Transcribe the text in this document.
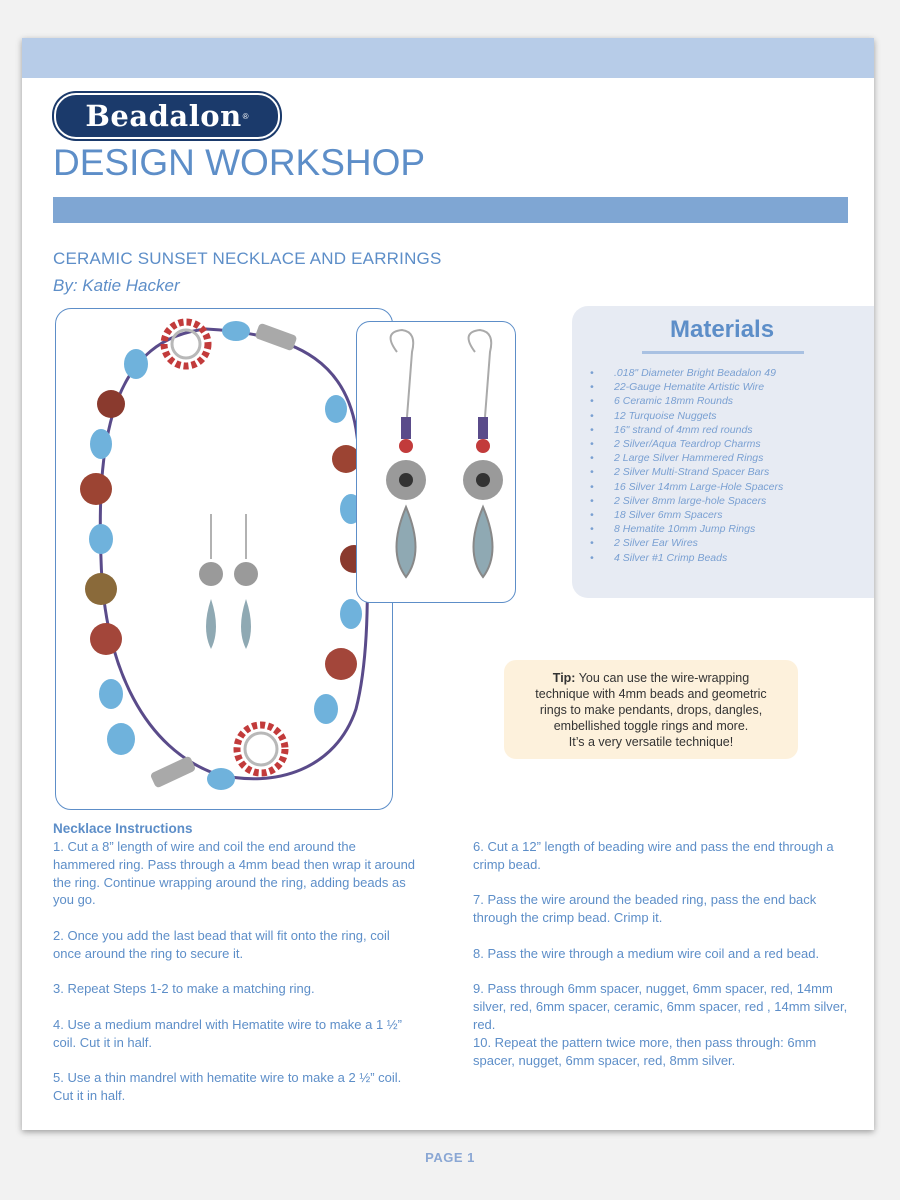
Beadalon ®
DESIGN WORKSHOP
CERAMIC SUNSET NECKLACE AND EARRINGS
By: Katie Hacker
Materials
• .018" Diameter Bright Beadalon 49
• 22-Gauge Hematite Artistic Wire
• 6 Ceramic 18mm Rounds
• 12 Turquoise Nuggets
• 16" strand of 4mm red rounds
• 2 Silver/Aqua Teardrop Charms
• 2 Large Silver Hammered Rings
• 2 Silver Multi-Strand Spacer Bars
• 16 Silver 14mm Large-Hole Spacers
• 2 Silver 8mm large-hole Spacers
• 18 Silver 6mm Spacers
• 8 Hematite 10mm Jump Rings
• 2 Silver Ear Wires
• 4 Silver #1 Crimp Beads
Tip: You can use the wire-wrapping technique with 4mm beads and geometric rings to make pendants, drops, dangles, embellished toggle rings and more.
It’s a very versatile technique!
Necklace Instructions

1. Cut a 8” length of wire and coil the end around the hammered ring. Pass through a 4mm bead then wrap it around the ring. Continue wrapping around the ring, adding beads as you go.

2. Once you add the last bead that will fit onto the ring, coil once around the ring to secure it.

3. Repeat Steps 1-2 to make a matching ring.

4. Use a medium mandrel with Hematite wire to make a 1 ½” coil. Cut it in half.

5. Use a thin mandrel with hematite wire to make a 2 ½” coil. Cut it in half.

6. Cut a 12” length of beading wire and pass the end through a crimp bead.

7. Pass the wire around the beaded ring, pass the end back through the crimp bead. Crimp it.

8. Pass the wire through a medium wire coil and a red bead.

9. Pass through 6mm spacer, nugget, 6mm spacer, red, 14mm silver, red, 6mm spacer, ceramic, 6mm spacer, red , 14mm silver, red.

10. Repeat the pattern twice more, then pass through: 6mm spacer, nugget, 6mm spacer, red, 8mm silver.

PAGE 1
